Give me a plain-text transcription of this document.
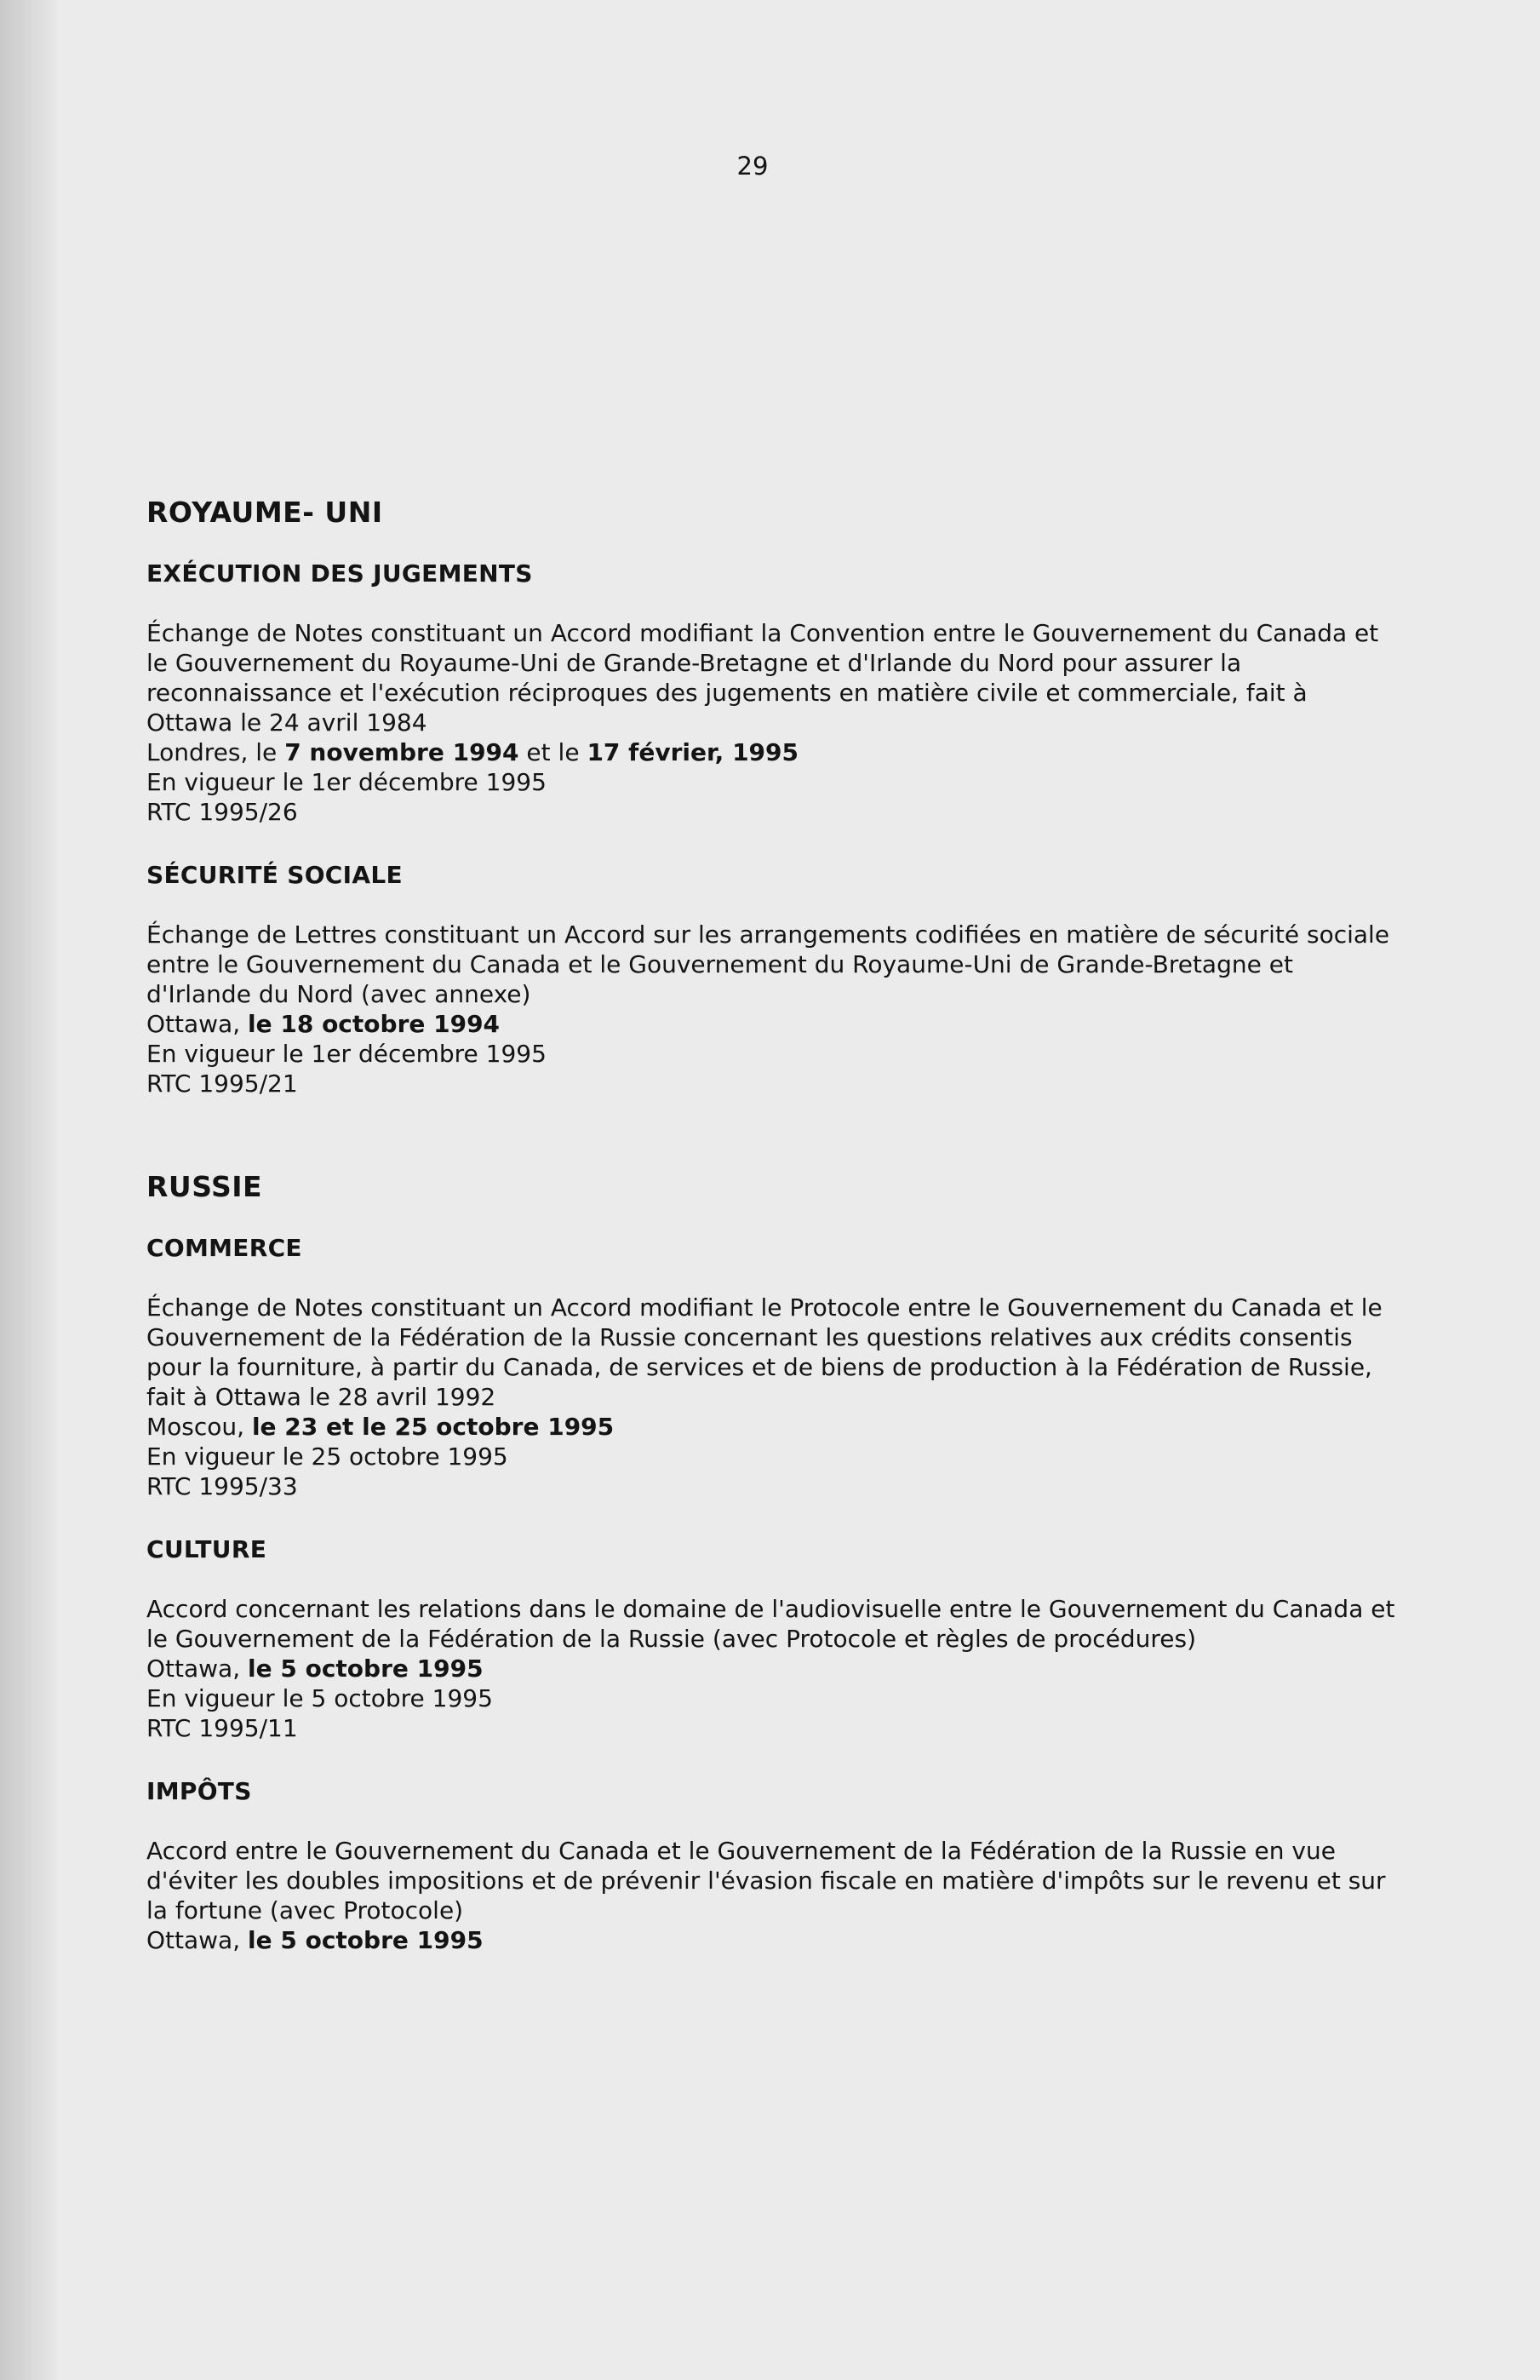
29
ROYAUME- UNI
EXÉCUTION DES JUGEMENTS

Échange de Notes constituant un Accord modifiant la Convention entre le Gouvernement du Canada et le Gouvernement du Royaume-Uni de Grande-Bretagne et d'Irlande du Nord pour assurer la reconnaissance et l'exécution réciproques des jugements en matière civile et commerciale, fait à Ottawa le 24 avril 1984

Londres, le 7 novembre 1994 et le 17 février, 1995

En vigueur le 1er décembre 1995

RTC 1995/26

SÉCURITÉ SOCIALE

Échange de Lettres constituant un Accord sur les arrangements codifiées en matière de sécurité sociale entre le Gouvernement du Canada et le Gouvernement du Royaume-Uni de Grande-Bretagne et d'Irlande du Nord (avec annexe)

Ottawa, le 18 octobre 1994

En vigueur le 1er décembre 1995

RTC 1995/21

RUSSIE
COMMERCE

Échange de Notes constituant un Accord modifiant le Protocole entre le Gouvernement du Canada et le Gouvernement de la Fédération de la Russie concernant les questions relatives aux crédits consentis pour la fourniture, à partir du Canada, de services et de biens de production à la Fédération de Russie, fait à Ottawa le 28 avril 1992

Moscou, le 23 et le 25 octobre 1995

En vigueur le 25 octobre 1995

RTC 1995/33

CULTURE

Accord concernant les relations dans le domaine de l'audiovisuelle entre le Gouvernement du Canada et le Gouvernement de la Fédération de la Russie (avec Protocole et règles de procédures)

Ottawa, le 5 octobre 1995

En vigueur le 5 octobre 1995

RTC 1995/11

IMPÔTS

Accord entre le Gouvernement du Canada et le Gouvernement de la Fédération de la Russie en vue d'éviter les doubles impositions et de prévenir l'évasion fiscale en matière d'impôts sur le revenu et sur la fortune (avec Protocole)

Ottawa, le 5 octobre 1995
